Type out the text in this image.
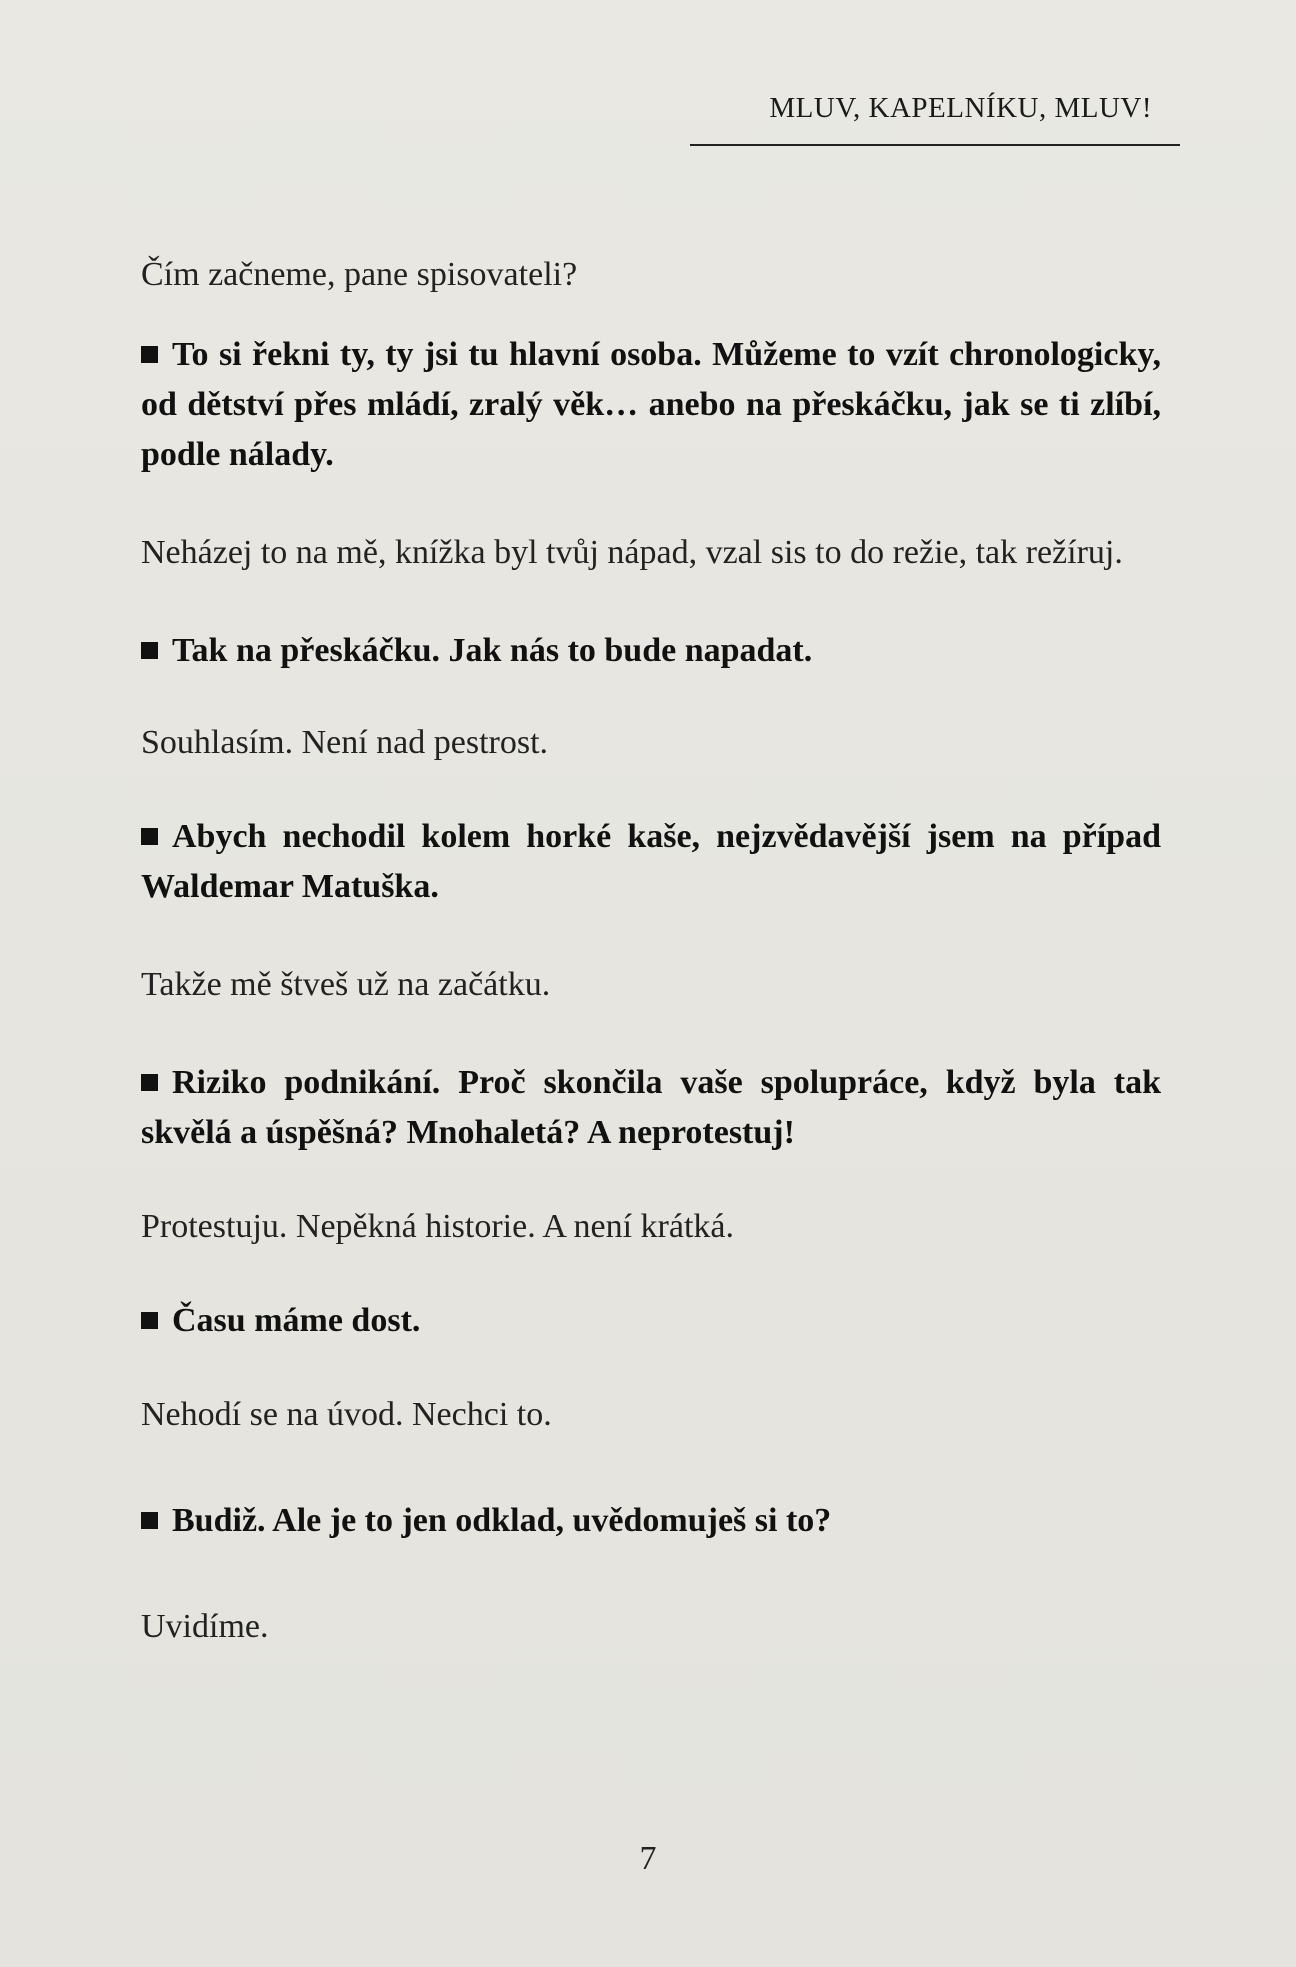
MLUV, KAPELNÍKU, MLUV!

Čím začneme, pane spisovateli?

To si řekni ty, ty jsi tu hlavní osoba. Můžeme to vzít chronologicky, od dětství přes mládí, zralý věk… anebo na přeskáčku, jak se ti zlíbí, podle nálady.

Neházej to na mě, knížka byl tvůj nápad, vzal sis to do režie, tak režíruj.

Tak na přeskáčku. Jak nás to bude napadat.

Souhlasím. Není nad pestrost.

Abych nechodil kolem horké kaše, nejzvědavější jsem na případ Waldemar Matuška.

Takže mě štveš už na začátku.

Riziko podnikání. Proč skončila vaše spolupráce, když byla tak skvělá a úspěšná? Mnohaletá? A neprotestuj!

Protestuju. Nepěkná historie. A není krátká.

Času máme dost.

Nehodí se na úvod. Nechci to.

Budiž. Ale je to jen odklad, uvědomuješ si to?

Uvidíme.

7
